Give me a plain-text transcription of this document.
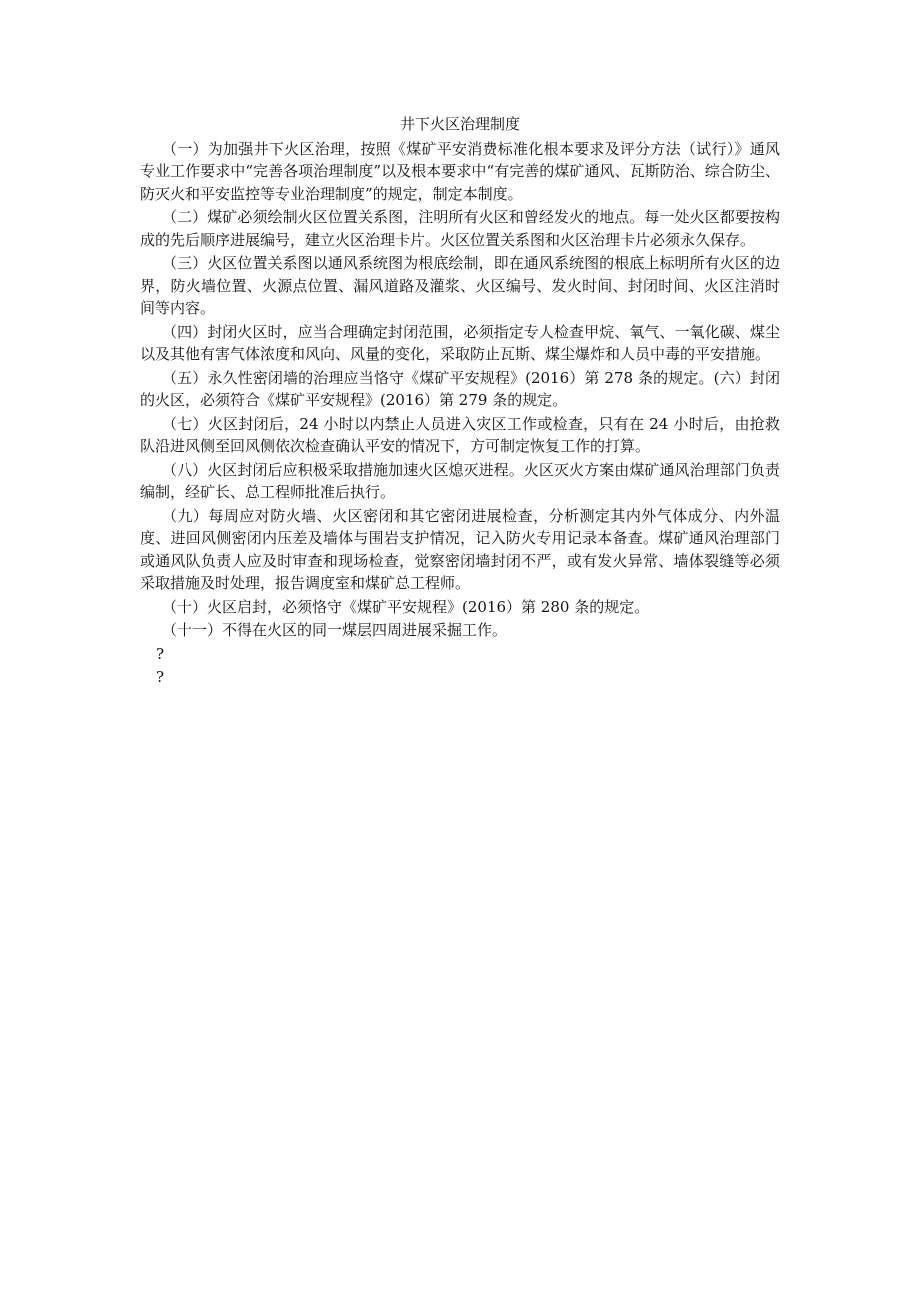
井下火区治理制度

（一）为加强井下火区治理，按照《煤矿平安消费标准化根本要求及评分方法（试行）》通风专业工作要求中“完善各项治理制度”以及根本要求中“有完善的煤矿通风、瓦斯防治、综合防尘、防灭火和平安监控等专业治理制度”的规定，制定本制度。

（二）煤矿必须绘制火区位置关系图，注明所有火区和曾经发火的地点。每一处火区都要按构成的先后顺序进展编号，建立火区治理卡片。火区位置关系图和火区治理卡片必须永久保存。

（三）火区位置关系图以通风系统图为根底绘制，即在通风系统图的根底上标明所有火区的边界，防火墙位置、火源点位置、漏风道路及灌浆、火区编号、发火时间、封闭时间、火区注消时间等内容。

（四）封闭火区时，应当合理确定封闭范围，必须指定专人检查甲烷、氧气、一氧化碳、煤尘以及其他有害气体浓度和风向、风量的变化，采取防止瓦斯、煤尘爆炸和人员中毒的平安措施。

（五）永久性密闭墙的治理应当恪守《煤矿平安规程》(2016）第 278 条的规定。(六）封闭的火区，必须符合《煤矿平安规程》(2016）第 279 条的规定。

（七）火区封闭后，24 小时以内禁止人员进入灾区工作或检查，只有在 24 小时后，由抢救队沿进风侧至回风侧依次检查确认平安的情况下，方可制定恢复工作的打算。

（八）火区封闭后应积极采取措施加速火区熄灭进程。火区灭火方案由煤矿通风治理部门负责编制，经矿长、总工程师批准后执行。

（九）每周应对防火墙、火区密闭和其它密闭进展检查，分析测定其内外气体成分、内外温度、进回风侧密闭内压差及墙体与围岩支护情况，记入防火专用记录本备查。煤矿通风治理部门或通风队负责人应及时审查和现场检查，觉察密闭墙封闭不严，或有发火异常、墙体裂缝等必须采取措施及时处理，报告调度室和煤矿总工程师。

（十）火区启封，必须恪守《煤矿平安规程》(2016）第 280 条的规定。

（十一）不得在火区的同一煤层四周进展采掘工作。

?
?
